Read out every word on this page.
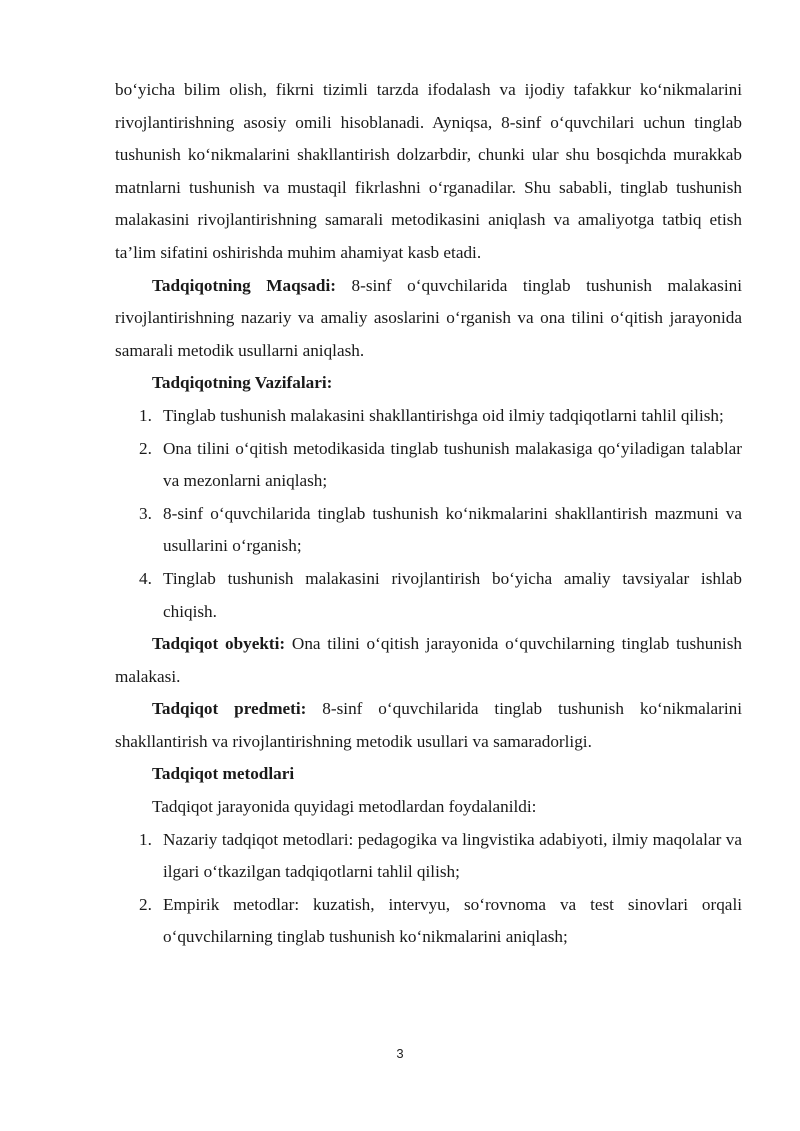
bo‘yicha bilim olish, fikrni tizimli tarzda ifodalash va ijodiy tafakkur ko‘nikmalarini rivojlantirishning asosiy omili hisoblanadi. Ayniqsa, 8-sinf o‘quvchilari uchun tinglab tushunish ko‘nikmalarini shakllantirish dolzarbdir, chunki ular shu bosqichda murakkab matnlarni tushunish va mustaqil fikrlashni o‘rganadilar. Shu sababli, tinglab tushunish malakasini rivojlantirishning samarali metodikasini aniqlash va amaliyotga tatbiq etish ta’lim sifatini oshirishda muhim ahamiyat kasb etadi.

Tadqiqotning Maqsadi: 8-sinf o‘quvchilarida tinglab tushunish malakasini rivojlantirishning nazariy va amaliy asoslarini o‘rganish va ona tilini o‘qitish jarayonida samarali metodik usullarni aniqlash.

Tadqiqotning Vazifalari:

1. Tinglab tushunish malakasini shakllantirishga oid ilmiy tadqiqotlarni tahlil qilish;
2. Ona tilini o‘qitish metodikasida tinglab tushunish malakasiga qo‘yiladigan talablar va mezonlarni aniqlash;
3. 8-sinf o‘quvchilarida tinglab tushunish ko‘nikmalarini shakllantirish mazmuni va usullarini o‘rganish;
4. Tinglab tushunish malakasini rivojlantirish bo‘yicha amaliy tavsiyalar ishlab chiqish.

Tadqiqot obyekti: Ona tilini o‘qitish jarayonida o‘quvchilarning tinglab tushunish malakasi.

Tadqiqot predmeti: 8-sinf o‘quvchilarida tinglab tushunish ko‘nikmalarini shakllantirish va rivojlantirishning metodik usullari va samaradorligi.

Tadqiqot metodlari

Tadqiqot jarayonida quyidagi metodlardan foydalanildi:

1. Nazariy tadqiqot metodlari: pedagogika va lingvistika adabiyoti, ilmiy maqolalar va ilgari o‘tkazilgan tadqiqotlarni tahlil qilish;
2. Empirik metodlar: kuzatish, intervyu, so‘rovnoma va test sinovlari orqali o‘quvchilarning tinglab tushunish ko‘nikmalarini aniqlash;
3
